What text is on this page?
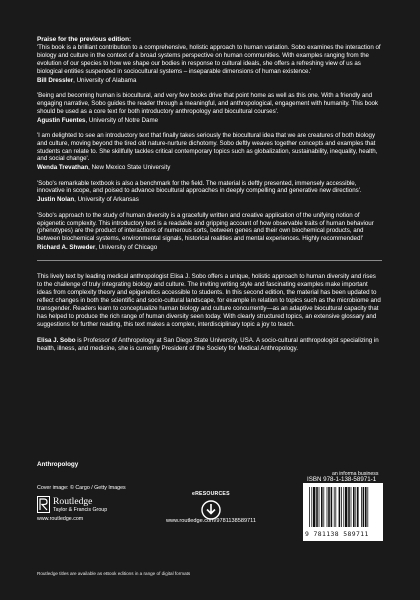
Praise for the previous edition:
'This book is a brilliant contribution to a comprehensive, holistic approach to human variation. Sobo examines the interaction of biology and culture in the context of a broad systems perspective on human communities. With examples ranging from the evolution of our species to how we shape our bodies in response to cultural ideals, she offers a refreshing view of us as biological entities suspended in sociocultural systems – inseparable dimensions of human existence.'
Bill Dressler, University of Alabama
'Being and becoming human is biocultural, and very few books drive that point home as well as this one. With a friendly and engaging narrative, Sobo guides the reader through a meaningful, and anthropological, engagement with humanity. This book should be used as a core text for both introductory anthropology and biocultural courses'.
Agustin Fuentes, University of Notre Dame
'I am delighted to see an introductory text that finally takes seriously the biocultural idea that we are creatures of both biology and culture, moving beyond the tired old nature-nurture dichotomy. Sobo deftly weaves together concepts and examples that students can relate to. She skillfully tackles critical contemporary topics such as globalization, sustainability, inequality, health, and social change'.
Wenda Trevathan, New Mexico State University
'Sobo's remarkable textbook is also a benchmark for the field. The material is deftly presented, immensely accessible, innovative in scope, and poised to advance biocultural approaches in deeply compelling and generative new directions'.
Justin Nolan, University of Arkansas
'Sobo's approach to the study of human diversity is a gracefully written and creative application of the unifying notion of epigenetic complexity. This introductory text is a readable and gripping account of how observable traits of human behaviour (phenotypes) are the product of interactions of numerous sorts, between genes and their own biochemical products, and between biochemical systems, environmental signals, historical realities and mental experiences. Highly recommended!'
Richard A. Shweder, University of Chicago
This lively text by leading medical anthropologist Elisa J. Sobo offers a unique, holistic approach to human diversity and rises to the challenge of truly integrating biology and culture. The inviting writing style and fascinating examples make important ideas from complexity theory and epigenetics accessible to students. In this second edition, the material has been updated to reflect changes in both the scientific and socio-cultural landscape, for example in relation to topics such as the microbiome and transgender. Readers learn to conceptualize human biology and culture concurrently—as an adaptive biocultural capacity that has helped to produce the rich range of human diversity seen today. With clearly structured topics, an extensive glossary and suggestions for further reading, this text makes a complex, interdisciplinary topic a joy to teach.
Elisa J. Sobo is Professor of Anthropology at San Diego State University, USA. A socio-cultural anthropologist specializing in health, illness, and medicine, she is currently President of the Society for Medical Anthropology.
Anthropology
Cover image: © Cargo / Getty Images
Routledge
Taylor & Francis Group
www.routledge.com
eRESOURCES
www.routledge.com/9781138589711
an informa business
ISBN 978-1-138-58971-1
9 781138 589711
Routledge titles are available as eBook editions in a range of digital formats
